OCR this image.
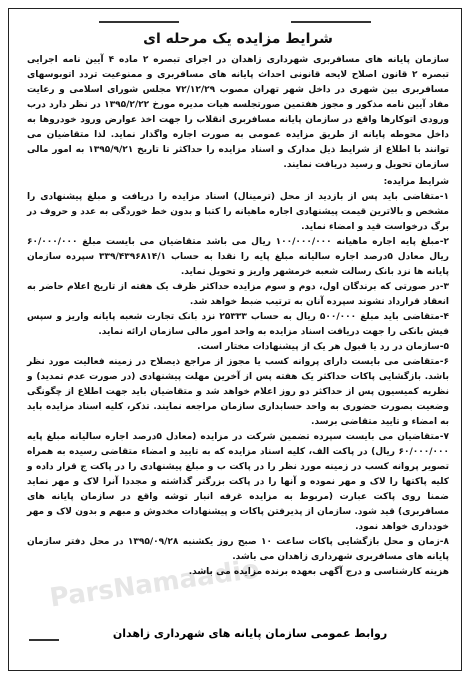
ParsNamaadio
شرایط مزایده یک مرحله ای

سازمان پایانه های مسافربری شهرداری زاهدان در اجرای تبصره ۲ ماده ۴ آیین نامه اجرایی تبصره ۲ قانون اصلاح لایحه قانونی احداث پایانه های مسافربری و ممنوعیت تردد اتوبوسهای مسافربری بین شهری در داخل شهر تهران مصوب ۷۲/۱۲/۲۹ مجلس شورای اسلامی و رعایت مفاد آیین نامه مذکور و مجوز هفتمین صورتجلسه هیات مدیره مورخ ۱۳۹۵/۲/۲۲ در نظر دارد درب ورودی اتوکارها واقع در سازمان پایانه مسافربری انقلاب را جهت اخذ عوارض ورود خودروها به داخل محوطه پایانه از طریق مزایده عمومی به صورت اجاره واگذار نماید. لذا متقاضیان می توانند با اطلاع از شرایط ذیل مدارک و اسناد مزایده را حداکثر تا تاریخ ۱۳۹۵/۹/۲۱ به امور مالی سازمان تحویل و رسید دریافت نمایند.

شرایط مزایده:

۱-متقاضی باید پس از بازدید از محل (ترمینال) اسناد مزایده را دریافت و مبلغ پیشنهادی را مشخص و بالاترین قیمت پیشنهادی اجاره ماهیانه را کتبا و بدون خط خوردگی به عدد و حروف در برگ درخواست قید و امضاء نماید.

۲-مبلغ پایه اجاره ماهیانه ۱۰۰/۰۰۰/۰۰۰ ریال می باشد متقاضیان می بایست مبلغ ۶۰/۰۰۰/۰۰۰ ریال معادل ۵درصد اجاره سالیانه مبلغ پایه را نقدا به حساب ۳۳۹/۴۳۹۶۸۱۴/۱ سپرده سازمان پایانه ها نزد بانک رسالت شعبه خرمشهر واریز و تحویل نماید.

۳-در صورتی که برندگان اول، دوم و سوم مزایده حداکثر ظرف یک هفته از تاریخ اعلام حاضر به انعقاد قرارداد نشوند سپرده آنان به ترتیب ضبط خواهد شد.

۴-متقاضی باید مبلغ ۵۰۰/۰۰۰ ریال به حساب ۲۵۳۳۳ نزد بانک تجارت شعبه پایانه واریز و سپس فیش بانکی را جهت دریافت اسناد مزایده به واحد امور مالی سازمان ارائه نماید.

۵-سازمان در رد یا قبول هر یک از پیشنهادات مختار است.

۶-متقاضی می بایست دارای پروانه کسب یا مجوز از مراجع ذیصلاح در زمینه فعالیت مورد نظر باشد. بازگشایی پاکات حداکثر یک هفته پس از آخرین مهلت پیشنهادی (در صورت عدم تمدید) و نظریه کمیسیون پس از حداکثر دو روز اعلام خواهد شد و متقاضیان باید جهت اطلاع از چگونگی وضعیت بصورت حضوری به واحد حسابداری سازمان مراجعه نمایند. تذکر، کلیه اسناد مزایده باید به امضاء و تایید متقاضی برسد.

۷-متقاضیان می بایست سپرده تضمین شرکت در مزایده (معادل ۵درصد اجاره سالیانه مبلغ پایه ۶۰/۰۰۰/۰۰۰ ریال) در پاکت الف، کلیه اسناد مزایده که به تایید و امضاء متقاضی رسیده به همراه تصویر پروانه کسب در زمینه مورد نظر را در پاکت ب و مبلغ پیشنهادی را در پاکت ج قرار داده و کلیه پاکتها را لاک و مهر نموده و آنها را در پاکت بزرگتر گذاشته و مجددا آنرا لاک و مهر نماید ضمنا روی پاکت عبارت (مربوط به مزایده غرفه انبار توشه واقع در سازمان پایانه های مسافربری) قید شود. سازمان از پذیرفتن پاکات و پیشنهادات مخدوش و مبهم و بدون لاک و مهر خودداری خواهد نمود.

۸-زمان و محل بازگشایی پاکات ساعت ۱۰ صبح روز یکشنبه ۱۳۹۵/۰۹/۲۸ در محل دفتر سازمان پایانه های مسافربری شهرداری زاهدان می باشد.

هزینه کارشناسی و درج آگهی بعهده برنده مزایده می باشد.

روابط عمومی سازمان پایانه های شهرداری زاهدان
